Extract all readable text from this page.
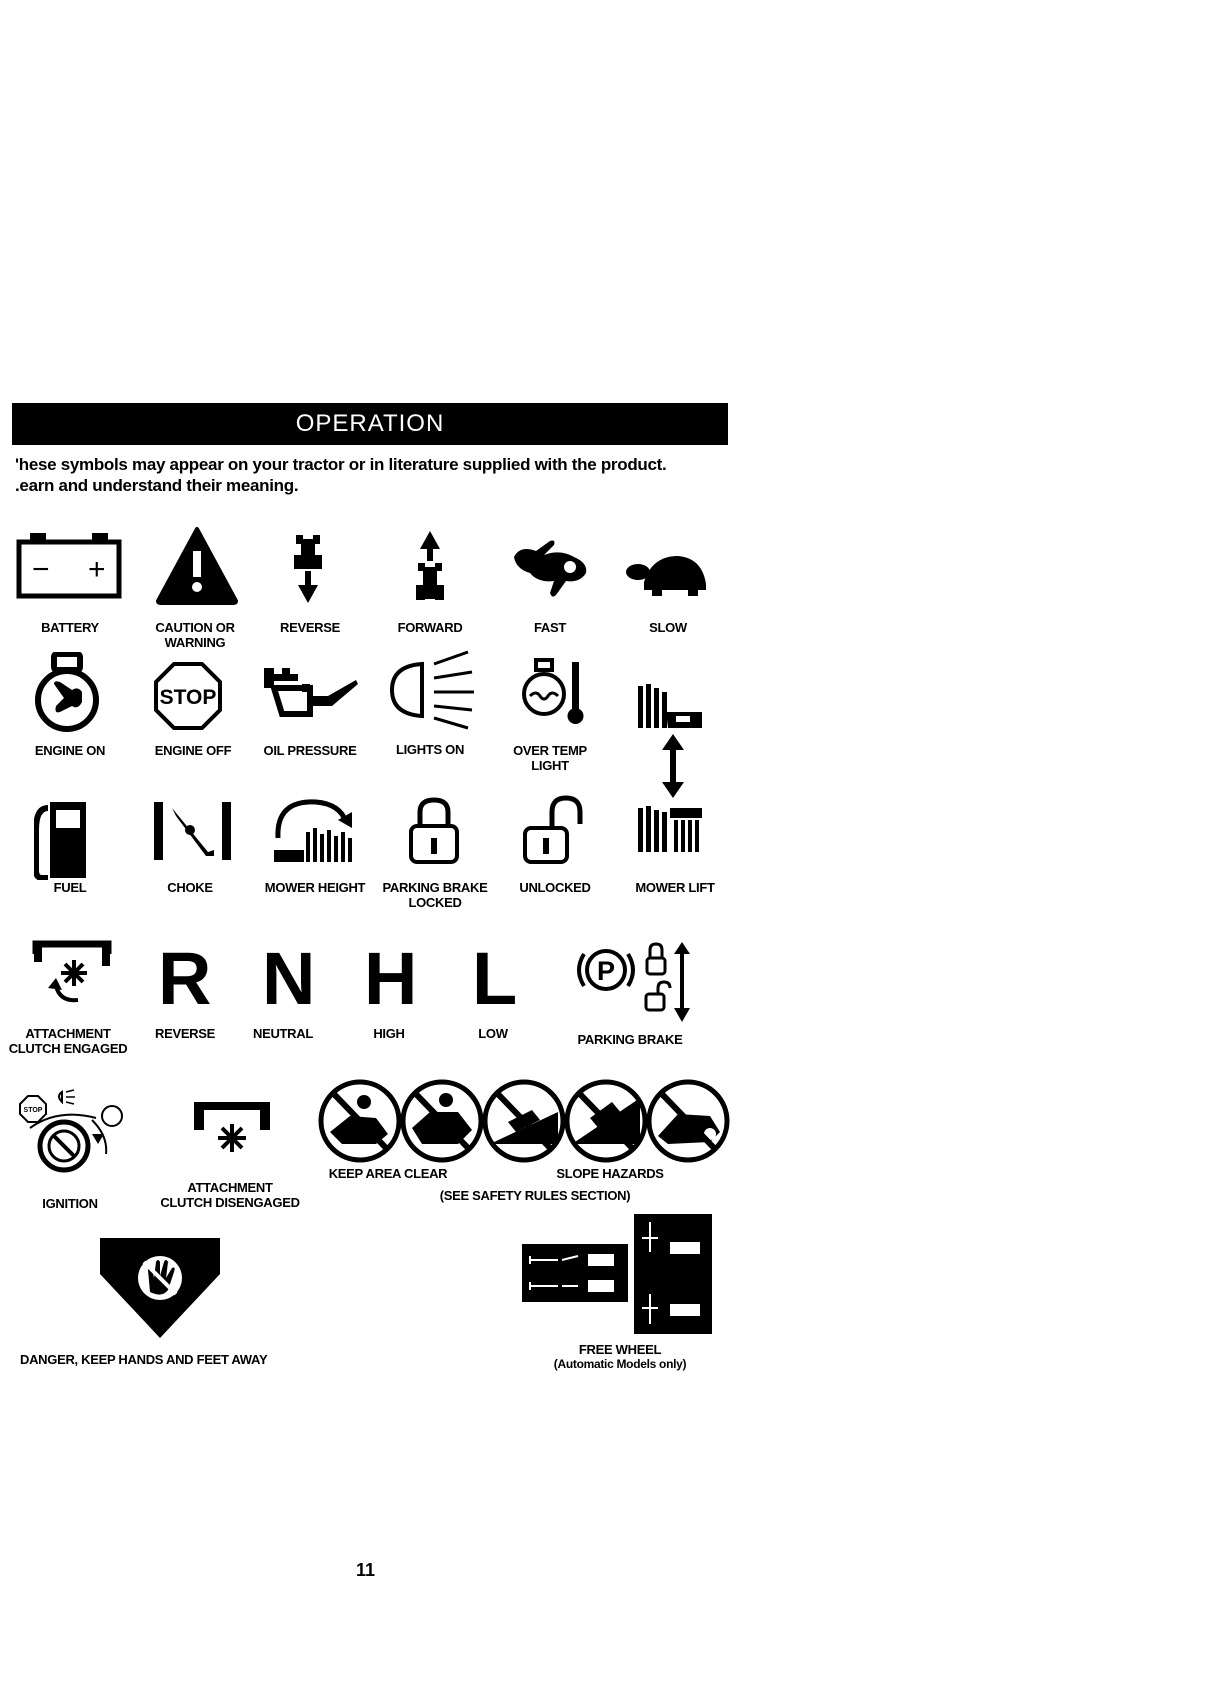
OPERATION
'hese symbols may appear on your tractor or in literature supplied with the product.
.earn and understand their meaning.
− +
BATTERY	CAUTION OR
WARNING
REVERSE	FORWARD	FAST	SLOW
ENGINE ON
STOP
ENGINE OFF	OIL PRESSURE	LIGHTS ON	OVER TEMP
LIGHT
FUEL	CHOKE	MOWER HEIGHT	PARKING BRAKE
LOCKED
UNLOCKED	MOWER LIFT
ATTACHMENT
CLUTCH ENGAGED
R
REVERSE
N
NEUTRAL
H
HIGH
L
LOW
P
PARKING BRAKE
STOP
IGNITION
ATTACHMENT
CLUTCH DISENGAGED
KEEP AREA CLEAR	SLOPE HAZARDS
(SEE SAFETY RULES SECTION)
DANGER, KEEP HANDS AND FEET AWAY
FREE WHEEL
(Automatic Models only)
11
